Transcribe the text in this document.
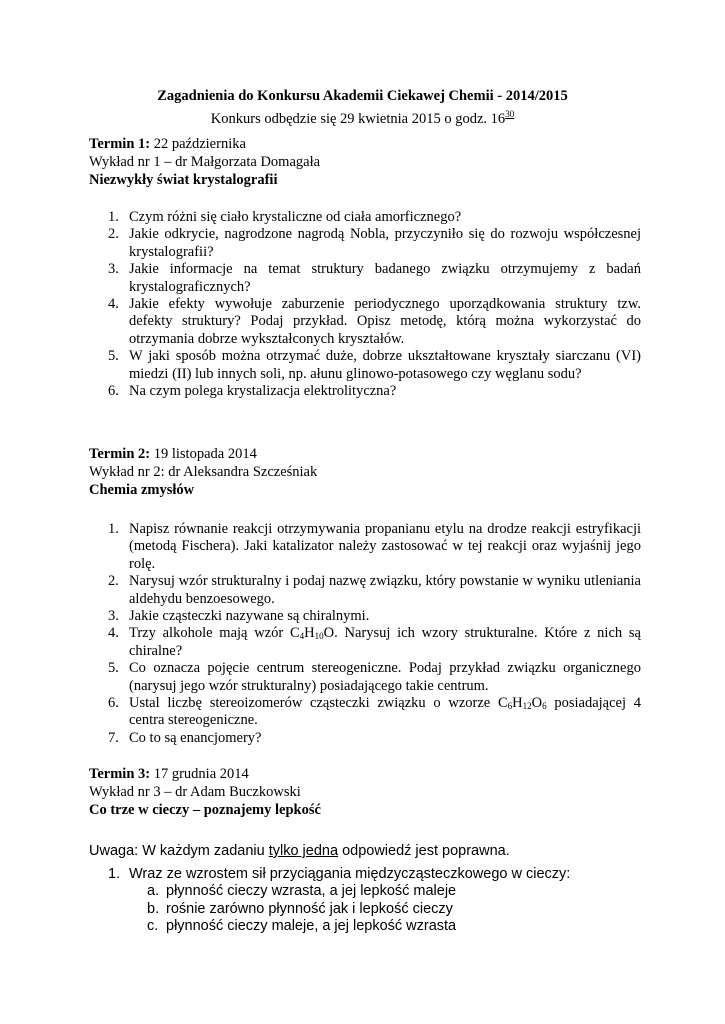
Zagadnienia do Konkursu Akademii Ciekawej Chemii - 2014/2015
Konkurs odbędzie się 29 kwietnia 2015 o godz. $16^{30}$
Termin 1: 22 października
Wykład nr 1 – dr Małgorzata Domagała
Niezwykły świat krystalografii
1. Czym różni się ciało krystaliczne od ciała amorficznego?
2. Jakie odkrycie, nagrodzone nagrodą Nobla, przyczyniło się do rozwoju współczesnej krystalografii?
3. Jakie informacje na temat struktury badanego związku otrzymujemy z badań krystalograficznych?
4. Jakie efekty wywołuje zaburzenie periodycznego uporządkowania struktury tzw. defekty struktury? Podaj przykład. Opisz metodę, którą można wykorzystać do otrzymania dobrze wykształconych kryształów.
5. W jaki sposób można otrzymać duże, dobrze ukształtowane kryształy siarczanu (VI) miedzi (II) lub innych soli, np. ałunu glinowo-potasowego czy węglanu sodu?
6. Na czym polega krystalizacja elektrolityczna?
Termin 2: 19 listopada 2014
Wykład nr 2: dr Aleksandra Szcześniak
Chemia zmysłów
1. Napisz równanie reakcji otrzymywania propanianu etylu na drodze reakcji estryfikacji (metodą Fischera). Jaki katalizator należy zastosować w tej reakcji oraz wyjaśnij jego rolę.
2. Narysuj wzór strukturalny i podaj nazwę związku, który powstanie w wyniku utleniania aldehydu benzoesowego.
3. Jakie cząsteczki nazywane są chiralnymi.
4. Trzy alkohole mają wzór $C_4H_{10}O$. Narysuj ich wzory strukturalne. Które z nich są chiralne?
5. Co oznacza pojęcie centrum stereogeniczne. Podaj przykład związku organicznego (narysuj jego wzór strukturalny) posiadającego takie centrum.
6. Ustal liczbę stereoizomerów cząsteczki związku o wzorze $C_6H_{12}O_6$ posiadającej 4 centra stereogeniczne.
7. Co to są enancjomery?
Termin 3: 17 grudnia 2014
Wykład nr 3 – dr Adam Buczkowski
Co trze w cieczy – poznajemy lepkość
Uwaga: W każdym zadaniu tylko jedna odpowiedź jest poprawna.
1. Wraz ze wzrostem sił przyciągania międzycząsteczkowego w cieczy:
a. płynność cieczy wzrasta, a jej lepkość maleje
b. rośnie zarówno płynność jak i lepkość cieczy
c. płynność cieczy maleje, a jej lepkość wzrasta
